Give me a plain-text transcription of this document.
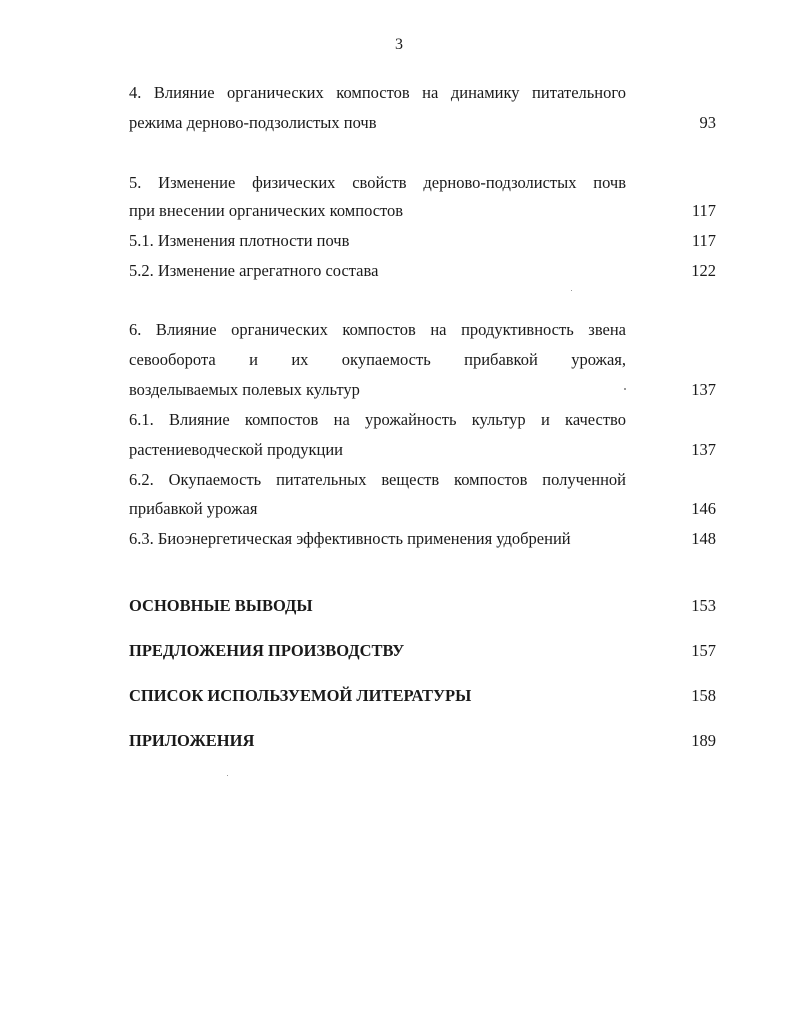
3
4. Влияние органических компостов на динамику питательного
режима дерново-подзолистых почв	93
5. Изменение физических свойств дерново-подзолистых почв
при внесении органических компостов	117
5.1. Изменения плотности почв	117
5.2. Изменение агрегатного состава	122
6. Влияние органических компостов на продуктивность звена
севооборота и их окупаемость прибавкой урожая,
возделываемых полевых культур	137
6.1. Влияние компостов на урожайность культур и качество
растениеводческой продукции	137
6.2. Окупаемость питательных веществ компостов полученной
прибавкой урожая	146
6.3. Биоэнергетическая эффективность применения удобрений	148
ОСНОВНЫЕ ВЫВОДЫ	153
ПРЕДЛОЖЕНИЯ ПРОИЗВОДСТВУ	157
СПИСОК ИСПОЛЬЗУЕМОЙ ЛИТЕРАТУРЫ	158
ПРИЛОЖЕНИЯ	189
